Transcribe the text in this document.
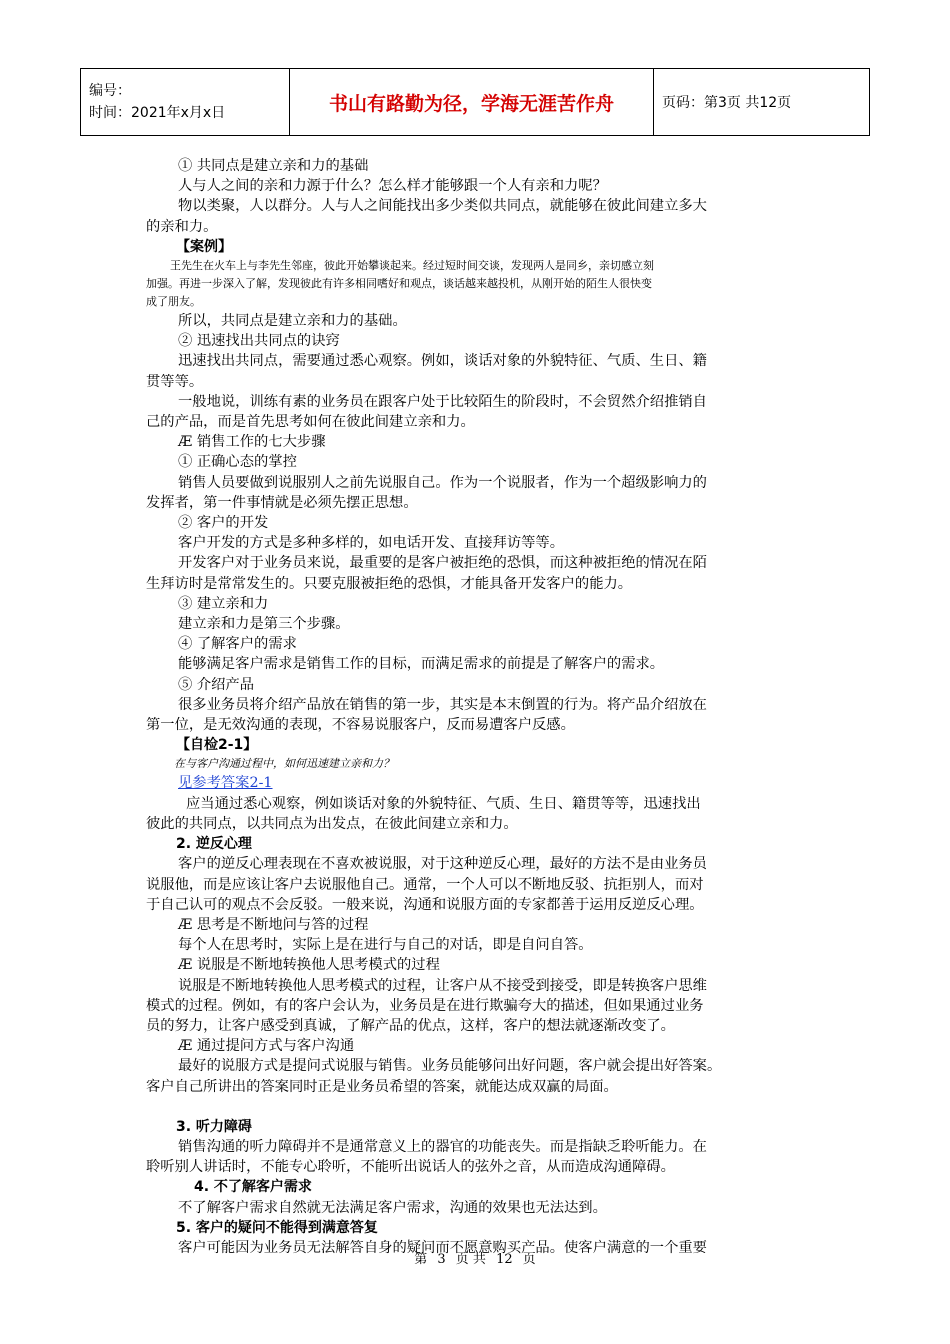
编号：
时间：2021年x月x日	书山有路勤为径，学海无涯苦作舟	页码：第3页 共12页
① 共同点是建立亲和力的基础
人与人之间的亲和力源于什么？怎么样才能够跟一个人有亲和力呢？
物以类聚，人以群分。人与人之间能找出多少类似共同点，就能够在彼此间建立多大
的亲和力。
【案例】
王先生在火车上与李先生邻座，彼此开始攀谈起来。经过短时间交谈，发现两人是同乡，亲切感立刻
加强。再进一步深入了解，发现彼此有许多相同嗜好和观点，谈话越来越投机，从刚开始的陌生人很快变
成了朋友。
所以，共同点是建立亲和力的基础。
② 迅速找出共同点的诀窍
迅速找出共同点，需要通过悉心观察。例如，谈话对象的外貌特征、气质、生日、籍
贯等等。
一般地说，训练有素的业务员在跟客户处于比较陌生的阶段时，不会贸然介绍推销自
己的产品，而是首先思考如何在彼此间建立亲和力。
Æ 销售工作的七大步骤
① 正确心态的掌控
销售人员要做到说服别人之前先说服自己。作为一个说服者，作为一个超级影响力的
发挥者，第一件事情就是必须先摆正思想。
② 客户的开发
客户开发的方式是多种多样的，如电话开发、直接拜访等等。
开发客户对于业务员来说，最重要的是客户被拒绝的恐惧，而这种被拒绝的情况在陌
生拜访时是常常发生的。只要克服被拒绝的恐惧，才能具备开发客户的能力。
③ 建立亲和力
建立亲和力是第三个步骤。
④ 了解客户的需求
能够满足客户需求是销售工作的目标，而满足需求的前提是了解客户的需求。
⑤ 介绍产品
很多业务员将介绍产品放在销售的第一步，其实是本末倒置的行为。将产品介绍放在
第一位，是无效沟通的表现，不容易说服客户，反而易遭客户反感。
【自检2-1】
在与客户沟通过程中，如何迅速建立亲和力？
见参考答案2-1
应当通过悉心观察，例如谈话对象的外貌特征、气质、生日、籍贯等等，迅速找出
彼此的共同点，以共同点为出发点，在彼此间建立亲和力。
2. 逆反心理
客户的逆反心理表现在不喜欢被说服，对于这种逆反心理，最好的方法不是由业务员
说服他，而是应该让客户去说服他自己。通常，一个人可以不断地反驳、抗拒别人，而对
于自己认可的观点不会反驳。一般来说，沟通和说服方面的专家都善于运用反逆反心理。
Æ 思考是不断地问与答的过程
每个人在思考时，实际上是在进行与自己的对话，即是自问自答。
Æ 说服是不断地转换他人思考模式的过程
说服是不断地转换他人思考模式的过程，让客户从不接受到接受，即是转换客户思维
模式的过程。例如，有的客户会认为，业务员是在进行欺骗夸大的描述，但如果通过业务
员的努力，让客户感受到真诚，了解产品的优点，这样，客户的想法就逐渐改变了。
Æ 通过提问方式与客户沟通
最好的说服方式是提问式说服与销售。业务员能够问出好问题，客户就会提出好答案。
客户自己所讲出的答案同时正是业务员希望的答案，就能达成双赢的局面。
3. 听力障碍
销售沟通的听力障碍并不是通常意义上的器官的功能丧失。而是指缺乏聆听能力。在
聆听别人讲话时，不能专心聆听，不能听出说话人的弦外之音，从而造成沟通障碍。
4. 不了解客户需求
不了解客户需求自然就无法满足客户需求，沟通的效果也无法达到。
5. 客户的疑问不能得到满意答复
客户可能因为业务员无法解答自身的疑问而不愿意购买产品。使客户满意的一个重要
第 3 页 共 12 页
